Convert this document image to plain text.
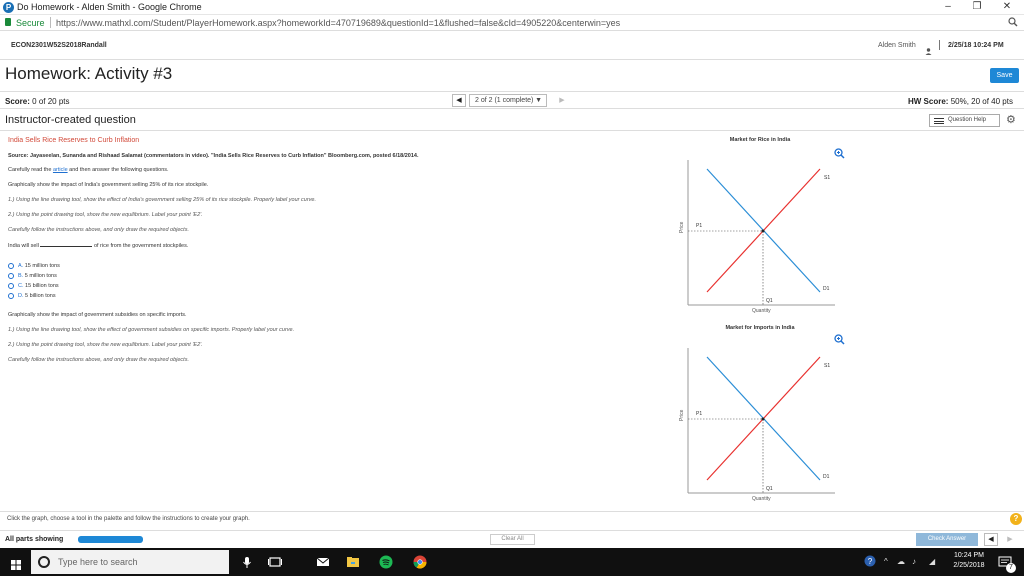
P Do Homework - Alden Smith - Google Chrome	–	❐ ✕
Secure https://www.mathxl.com/Student/PlayerHomework.aspx?homeworkId=470719689&questionId=1&flushed=false&cId=4905220&centerwin=yes
ECON2301W52S2018Randall	Alden Smith	2/25/18 10:24 PM
Homework: Activity #3	Save
Score: 0 of 20 pts	◀	2 of 2 (1 complete) ▼	▶	HW Score: 50%, 20 of 40 pts
Instructor-created question	Question Help	⚙
India Sells Rice Reserves to Curb Inflation
Source: Jayaseelan, Sunanda and Rishaad Salamat (commentators in video). "India Sells Rice Reserves to Curb Inflation" Bloomberg.com, posted 6/18/2014.

Carefully read the article and then answer the following questions.

Graphically show the impact of India's government selling 25% of its rice stockpile.

1.) Using the line drawing tool, show the effect of India's government selling 25% of its rice stockpile. Properly label your curve.

2.) Using the point drawing tool, show the new equilibrium. Label your point 'E2'.

Carefully follow the instructions above, and only draw the required objects.

India will sell	of rice from the government stockpiles.

A. 15 million tons
B. 5 million tons
C. 15 billion tons
D. 5 billion tons

Graphically show the impact of government subsidies on specific imports.

1.) Using the line drawing tool, show the effect of government subsidies on specific imports. Properly label your curve.

2.) Using the point drawing tool, show the new equilibrium. Label your point 'E2'.

Carefully follow the instructions above, and only draw the required objects.

Market for Rice in India
S1
D1
P1
Q1
Quantity
Price
Market for Imports in India
S1
D1
P1
Q1
Quantity
Price
Click the graph, choose a tool in the palette and follow the instructions to create your graph.	?
All parts showing	Clear All	Check Answer	◀	▶
Type here to search	? ^ ☁ ♪ ◢
10:24 PM
2/25/2018	7
